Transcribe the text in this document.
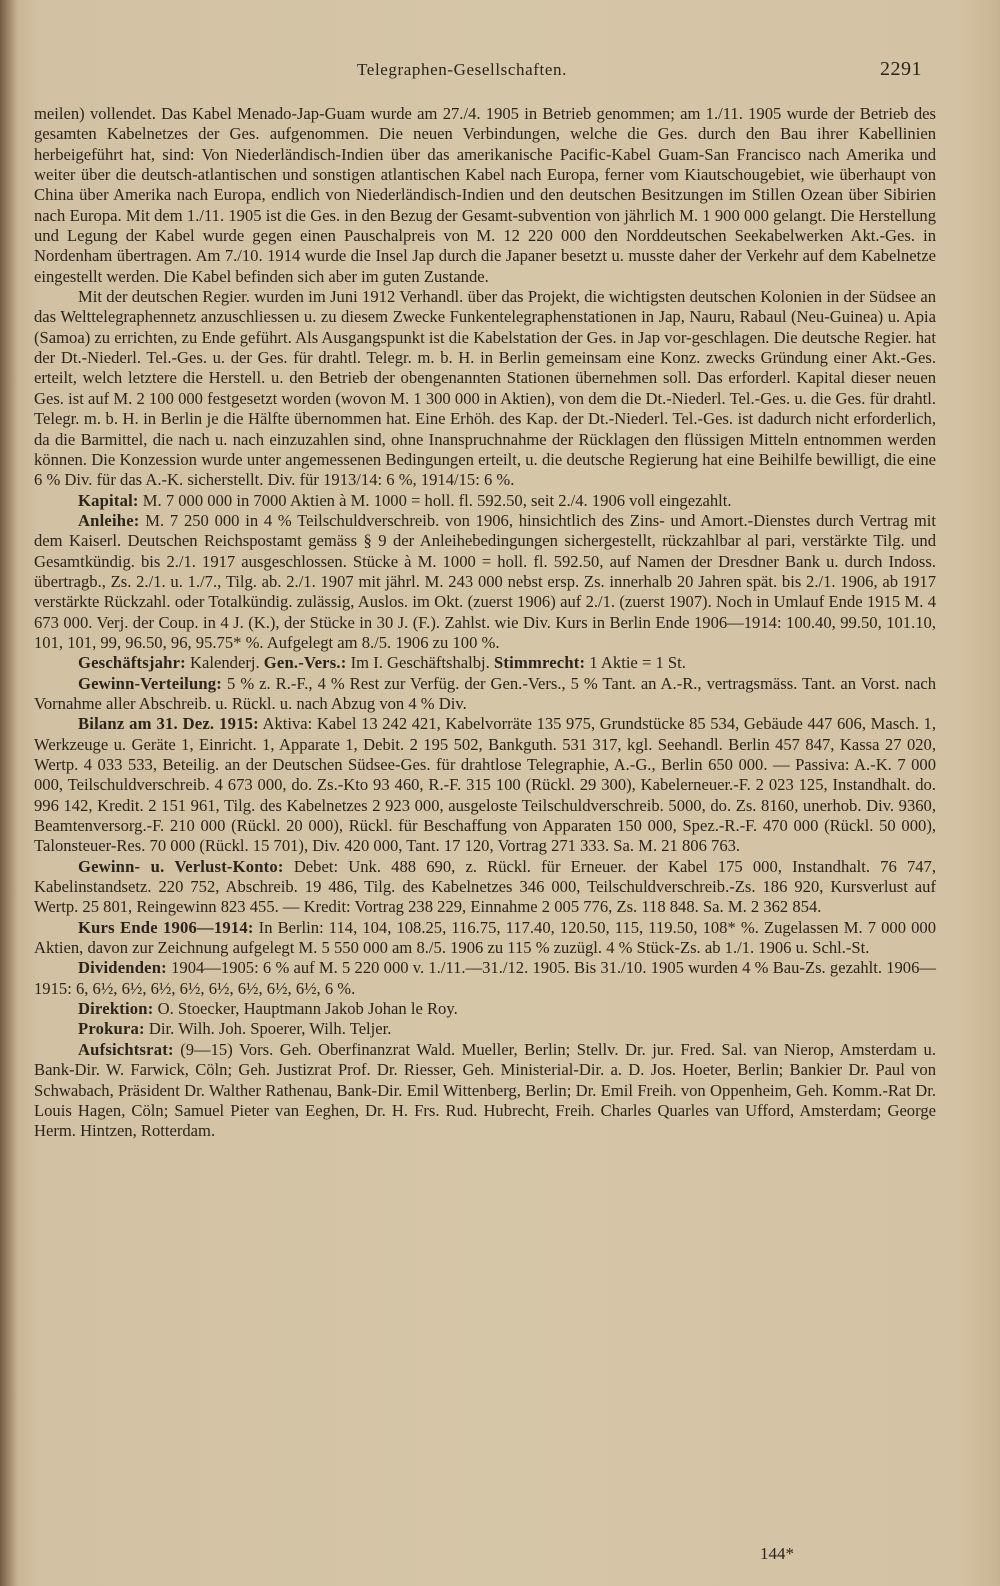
Telegraphen-Gesellschaften.	2291

meilen) vollendet. Das Kabel Menado-Jap-Guam wurde am 27./4. 1905 in Betrieb genommen; am 1./11. 1905 wurde der Betrieb des gesamten Kabelnetzes der Ges. aufgenommen. Die neuen Verbindungen, welche die Ges. durch den Bau ihrer Kabellinien herbeigeführt hat, sind: Von Niederländisch-Indien über das amerikanische Pacific-Kabel Guam-San Francisco nach Amerika und weiter über die deutsch-atlantischen und sonstigen atlantischen Kabel nach Europa, ferner vom Kiautschougebiet, wie überhaupt von China über Amerika nach Europa, endlich von Niederländisch-Indien und den deutschen Besitzungen im Stillen Ozean über Sibirien nach Europa. Mit dem 1./11. 1905 ist die Ges. in den Bezug der Gesamt-subvention von jährlich M. 1 900 000 gelangt. Die Herstellung und Legung der Kabel wurde gegen einen Pauschalpreis von M. 12 220 000 den Norddeutschen Seekabelwerken Akt.-Ges. in Nordenham übertragen. Am 7./10. 1914 wurde die Insel Jap durch die Japaner besetzt u. musste daher der Verkehr auf dem Kabelnetze eingestellt werden. Die Kabel befinden sich aber im guten Zustande.

Mit der deutschen Regier. wurden im Juni 1912 Verhandl. über das Projekt, die wichtigsten deutschen Kolonien in der Südsee an das Welttelegraphennetz anzuschliessen u. zu diesem Zwecke Funkentelegraphenstationen in Jap, Nauru, Rabaul (Neu-Guinea) u. Apia (Samoa) zu errichten, zu Ende geführt. Als Ausgangspunkt ist die Kabelstation der Ges. in Jap vor-geschlagen. Die deutsche Regier. hat der Dt.-Niederl. Tel.-Ges. u. der Ges. für drahtl. Telegr. m. b. H. in Berlin gemeinsam eine Konz. zwecks Gründung einer Akt.-Ges. erteilt, welch letztere die Herstell. u. den Betrieb der obengenannten Stationen übernehmen soll. Das erforderl. Kapital dieser neuen Ges. ist auf M. 2 100 000 festgesetzt worden (wovon M. 1 300 000 in Aktien), von dem die Dt.-Niederl. Tel.-Ges. u. die Ges. für drahtl. Telegr. m. b. H. in Berlin je die Hälfte übernommen hat. Eine Erhöh. des Kap. der Dt.-Niederl. Tel.-Ges. ist dadurch nicht erforderlich, da die Barmittel, die nach u. nach einzuzahlen sind, ohne Inanspruchnahme der Rücklagen den flüssigen Mitteln entnommen werden können. Die Konzession wurde unter angemessenen Bedingungen erteilt, u. die deutsche Regierung hat eine Beihilfe bewilligt, die eine 6 % Div. für das A.-K. sicherstellt. Div. für 1913/14: 6 %, 1914/15: 6 %.

Kapital: M. 7 000 000 in 7000 Aktien à M. 1000 = holl. fl. 592.50, seit 2./4. 1906 voll eingezahlt.

Anleihe: M. 7 250 000 in 4 % Teilschuldverschreib. von 1906, hinsichtlich des Zins- und Amort.-Dienstes durch Vertrag mit dem Kaiserl. Deutschen Reichspostamt gemäss § 9 der Anleihebedingungen sichergestellt, rückzahlbar al pari, verstärkte Tilg. und Gesamtkündig. bis 2./1. 1917 ausgeschlossen. Stücke à M. 1000 = holl. fl. 592.50, auf Namen der Dresdner Bank u. durch Indoss. übertragb., Zs. 2./1. u. 1./7., Tilg. ab. 2./1. 1907 mit jährl. M. 243 000 nebst ersp. Zs. innerhalb 20 Jahren spät. bis 2./1. 1906, ab 1917 verstärkte Rückzahl. oder Totalkündig. zulässig, Auslos. im Okt. (zuerst 1906) auf 2./1. (zuerst 1907). Noch in Umlauf Ende 1915 M. 4 673 000. Verj. der Coup. in 4 J. (K.), der Stücke in 30 J. (F.). Zahlst. wie Div. Kurs in Berlin Ende 1906—1914: 100.40, 99.50, 101.10, 101, 101, 99, 96.50, 96, 95.75* %. Aufgelegt am 8./5. 1906 zu 100 %.

Geschäftsjahr: Kalenderj. Gen.-Vers.: Im I. Geschäftshalbj. Stimmrecht: 1 Aktie = 1 St.

Gewinn-Verteilung: 5 % z. R.-F., 4 % Rest zur Verfüg. der Gen.-Vers., 5 % Tant. an A.-R., vertragsmäss. Tant. an Vorst. nach Vornahme aller Abschreib. u. Rückl. u. nach Abzug von 4 % Div.

Bilanz am 31. Dez. 1915: Aktiva: Kabel 13 242 421, Kabelvorräte 135 975, Grundstücke 85 534, Gebäude 447 606, Masch. 1, Werkzeuge u. Geräte 1, Einricht. 1, Apparate 1, Debit. 2 195 502, Bankguth. 531 317, kgl. Seehandl. Berlin 457 847, Kassa 27 020, Wertp. 4 033 533, Beteilig. an der Deutschen Südsee-Ges. für drahtlose Telegraphie, A.-G., Berlin 650 000. — Passiva: A.-K. 7 000 000, Teilschuldverschreib. 4 673 000, do. Zs.-Kto 93 460, R.-F. 315 100 (Rückl. 29 300), Kabelerneuer.-F. 2 023 125, Instandhalt. do. 996 142, Kredit. 2 151 961, Tilg. des Kabelnetzes 2 923 000, ausgeloste Teilschuldverschreib. 5000, do. Zs. 8160, unerhob. Div. 9360, Beamtenversorg.-F. 210 000 (Rückl. 20 000), Rückl. für Beschaffung von Apparaten 150 000, Spez.-R.-F. 470 000 (Rückl. 50 000), Talonsteuer-Res. 70 000 (Rückl. 15 701), Div. 420 000, Tant. 17 120, Vortrag 271 333. Sa. M. 21 806 763.

Gewinn- u. Verlust-Konto: Debet: Unk. 488 690, z. Rückl. für Erneuer. der Kabel 175 000, Instandhalt. 76 747, Kabelinstandsetz. 220 752, Abschreib. 19 486, Tilg. des Kabelnetzes 346 000, Teilschuldverschreib.-Zs. 186 920, Kursverlust auf Wertp. 25 801, Reingewinn 823 455. — Kredit: Vortrag 238 229, Einnahme 2 005 776, Zs. 118 848. Sa. M. 2 362 854.

Kurs Ende 1906—1914: In Berlin: 114, 104, 108.25, 116.75, 117.40, 120.50, 115, 119.50, 108* %. Zugelassen M. 7 000 000 Aktien, davon zur Zeichnung aufgelegt M. 5 550 000 am 8./5. 1906 zu 115 % zuzügl. 4 % Stück-Zs. ab 1./1. 1906 u. Schl.-St.

Dividenden: 1904—1905: 6 % auf M. 5 220 000 v. 1./11.—31./12. 1905. Bis 31./10. 1905 wurden 4 % Bau-Zs. gezahlt. 1906—1915: 6, 6½, 6½, 6½, 6½, 6½, 6½, 6½, 6½, 6 %.

Direktion: O. Stoecker, Hauptmann Jakob Johan le Roy.

Prokura: Dir. Wilh. Joh. Spoerer, Wilh. Teljer.

Aufsichtsrat: (9—15) Vors. Geh. Oberfinanzrat Wald. Mueller, Berlin; Stellv. Dr. jur. Fred. Sal. van Nierop, Amsterdam u. Bank-Dir. W. Farwick, Cöln; Geh. Justizrat Prof. Dr. Riesser, Geh. Ministerial-Dir. a. D. Jos. Hoeter, Berlin; Bankier Dr. Paul von Schwabach, Präsident Dr. Walther Rathenau, Bank-Dir. Emil Wittenberg, Berlin; Dr. Emil Freih. von Oppenheim, Geh. Komm.-Rat Dr. Louis Hagen, Cöln; Samuel Pieter van Eeghen, Dr. H. Frs. Rud. Hubrecht, Freih. Charles Quarles van Ufford, Amsterdam; George Herm. Hintzen, Rotterdam.

144*
